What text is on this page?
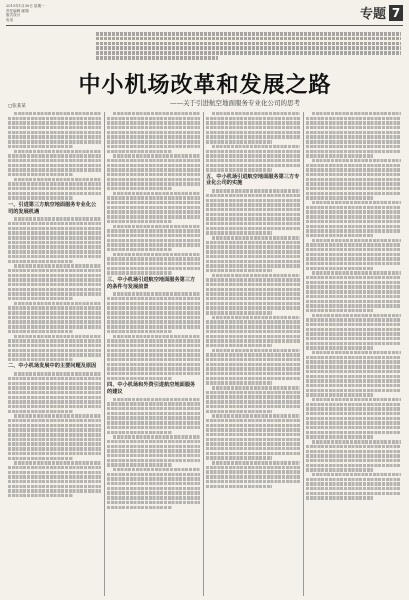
2015年1月30日 星期一
责任编辑 邮箱
版式设计
电话	专题 7
中小机场改革和发展之路
——关于引进航空地面服务专业化公司的思考
□张某某
一、引进第三方航空地面服务专业化公司的发展机遇
二、中小机场发展中的主要问题及原因
三、中小机场引进航空地面服务第三方的条件与发展前景
四、中小机场和外资引进航空地面服务的建议
五、中小机场引进航空地面服务第三方专业化公司的实施
